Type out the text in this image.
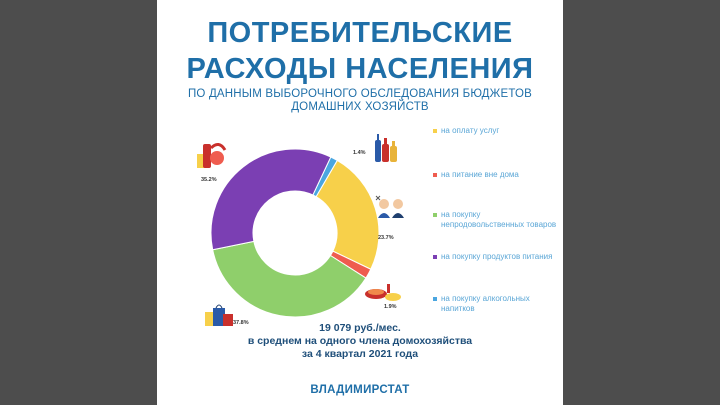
ПОТРЕБИТЕЛЬСКИЕ
РАСХОДЫ НАСЕЛЕНИЯ
ПО ДАННЫМ ВЫБОРОЧНОГО ОБСЛЕДОВАНИЯ БЮДЖЕТОВ
ДОМАШНИХ ХОЗЯЙСТВ
1.4%
23.7%
1.9%
37.8%
35.2%
на оплату услуг
на питание вне дома
на покупку непродовольственных товаров
на покупку продуктов питания
на покупку алкогольных напитков
19 079 руб./мес.
в среднем на одного члена домохозяйства
за 4 квартал 2021 года
ВЛАДИМИРСТАТ
